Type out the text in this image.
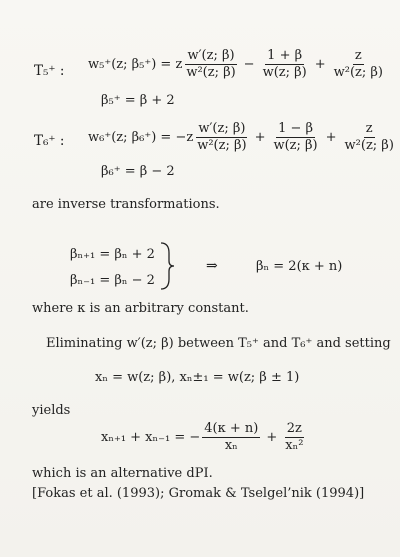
T₅⁺ : w₅⁺(z; β₅⁺) = z $\frac{w'(z; \beta)}{\text{w²(z; β)}} - \frac{1 + \beta}{w(z; \beta)} + \frac{z}{\text{w²(z; β)}}$
β₅⁺ = β + 2
T₆⁺ : w₆⁺(z; $\beta_6^+) = -z \frac{w'(z; \beta)}{\text{w²(z; β)}} + \frac{1 - \beta}{w(z; \beta)} + \frac{z}{\text{w²(z; β)}}$
β₆⁺ = β − 2
are inverse transformations.
βₙ₊₁ = βₙ + 2
βₙ₋₁ = βₙ − 2
⇒	βₙ = 2(κ + n)
where κ is an arbitrary constant.
Eliminating w′(z; β) between T₅⁺ and T₆⁺ and setting
xₙ = w(z; β), xₙ±₁ = w(z; β ± 1)
yields
xₙ₊₁ + xₙ₋₁ = − $\frac{4(\kappa + n)}{\text{xₙ}} + \frac{2z}{\text{xₙ²}}$
which is an alternative dPI.
[Fokas et al. (1993); Gromak & Tselgel’nik (1994)]
